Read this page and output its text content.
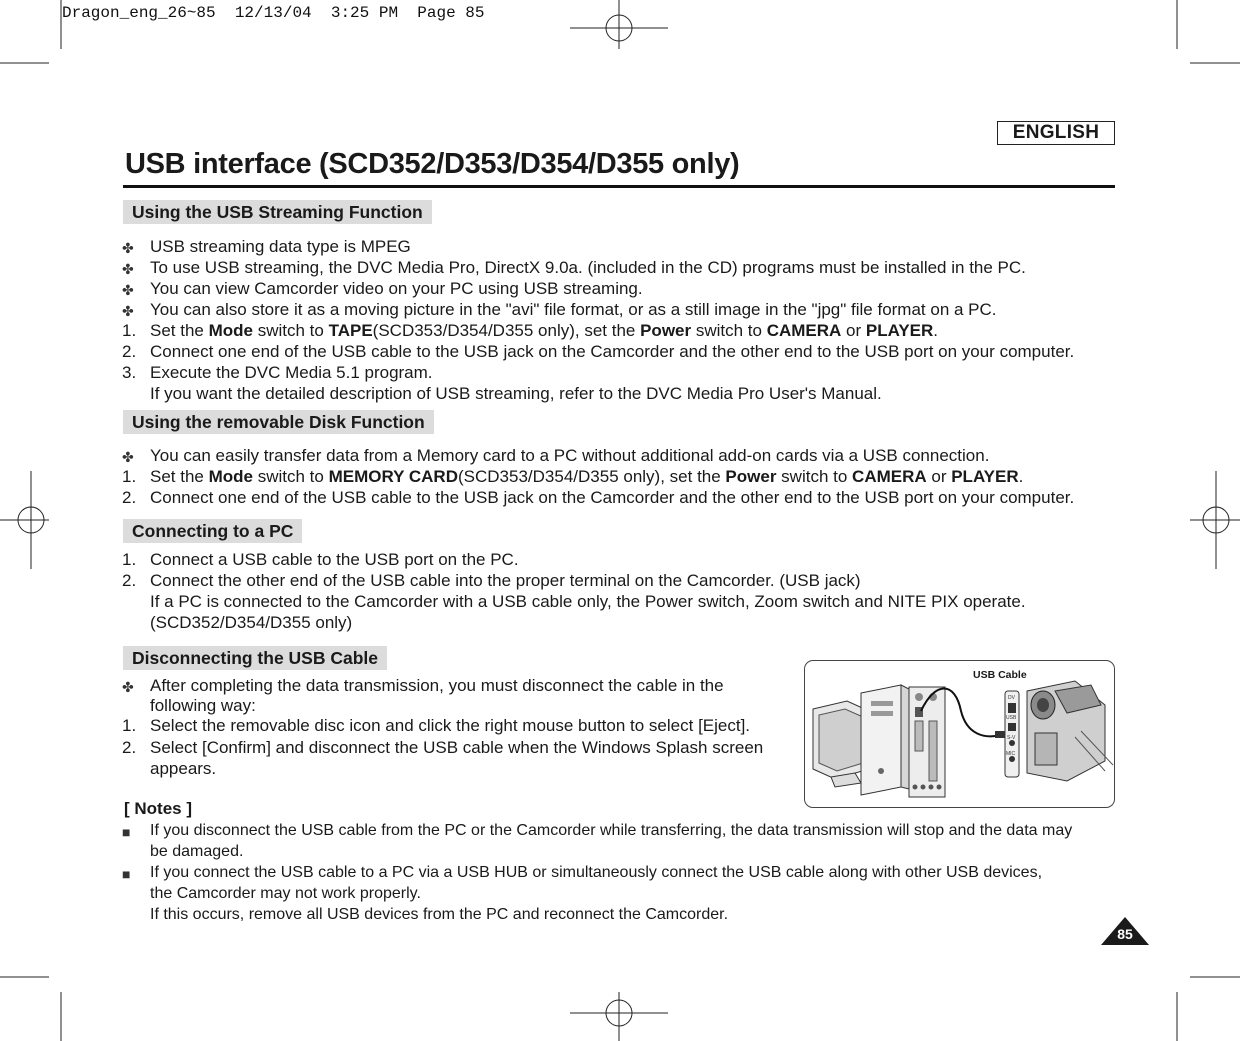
Dragon_eng_26~85  12/13/04  3:25 PM  Page 85
ENGLISH
USB interface (SCD352/D353/D354/D355 only)
Using the USB Streaming Function
✤ USB streaming data type is MPEG
✤ To use USB streaming, the DVC Media Pro, DirectX 9.0a. (included in the CD) programs must be installed in the PC.
✤ You can view Camcorder video on your PC using USB streaming.
✤ You can also store it as a moving picture in the "avi" file format, or as a still image in the "jpg" file format on a PC.
1. Set the Mode switch to TAPE(SCD353/D354/D355 only), set the Power switch to CAMERA or PLAYER.
2. Connect one end of the USB cable to the USB jack on the Camcorder and the other end to the USB port on your computer.
3. Execute the DVC Media 5.1 program.
If you want the detailed description of USB streaming, refer to the DVC Media Pro User's Manual.
Using the removable Disk Function
✤ You can easily transfer data from a Memory card to a PC without additional add-on cards via a USB connection.
1. Set the Mode switch to MEMORY CARD(SCD353/D354/D355 only), set the Power switch to CAMERA or PLAYER.
2. Connect one end of the USB cable to the USB jack on the Camcorder and the other end to the USB port on your computer.
Connecting to a PC
1. Connect a USB cable to the USB port on the PC.
2. Connect the other end of the USB cable into the proper terminal on the Camcorder. (USB jack)
If a PC is connected to the Camcorder with a USB cable only, the Power switch, Zoom switch and NITE PIX operate.
(SCD352/D354/D355 only)
Disconnecting the USB Cable
✤ After completing the data transmission, you must disconnect the cable in the
following way:
1. Select the removable disc icon and click the right mouse button to select [Eject].
2. Select [Confirm] and disconnect the USB cable when the Windows Splash screen
appears.
USB Cable
DV
USB
S-V
MIC
[ Notes ]
■	If you disconnect the USB cable from the PC or the Camcorder while transferring, the data transmission will stop and the data may
be damaged.
■	If you connect the USB cable to a PC via a USB HUB or simultaneously connect the USB cable along with other USB devices,
the Camcorder may not work properly.
If this occurs, remove all USB devices from the PC and reconnect the Camcorder.
85
